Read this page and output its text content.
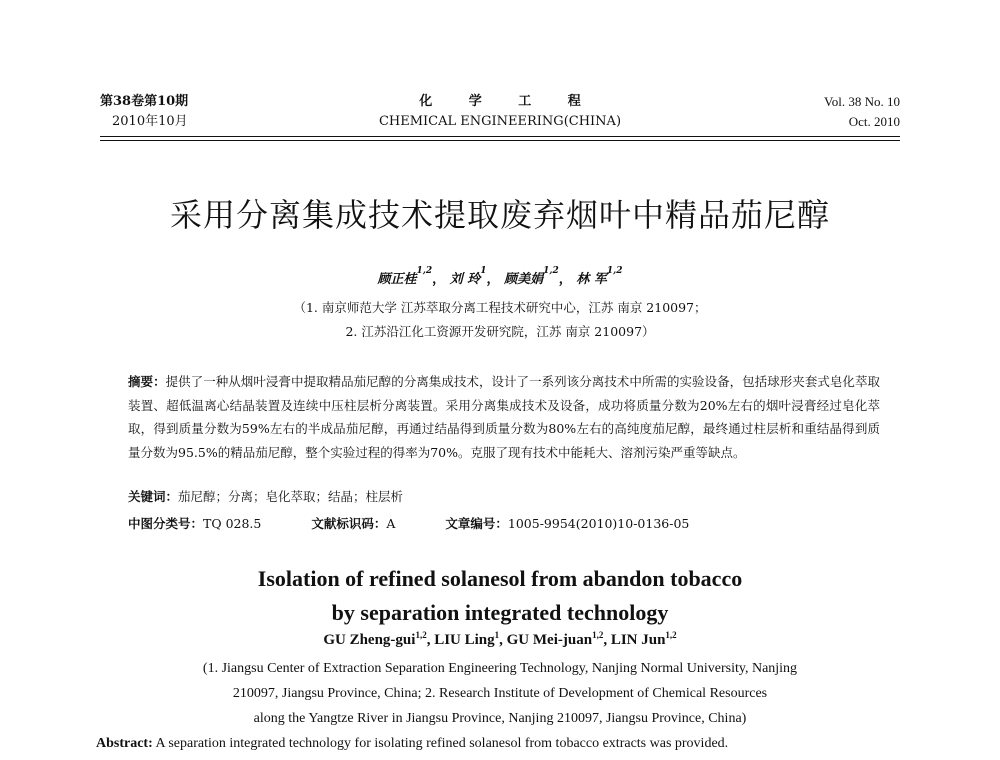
第38卷第10期
2010年10月
化 学 工 程
CHEMICAL ENGINEERING(CHINA)
Vol. 38 No. 10
Oct. 2010
采用分离集成技术提取废弃烟叶中精品茄尼醇
顾正桂$^{1,2}$， 刘 玲$^1$， 顾美娟$^{1,2}$， 林 军$^{1,2}$
（1. 南京师范大学 江苏萃取分离工程技术研究中心，江苏 南京 210097；
2. 江苏沿江化工资源开发研究院，江苏 南京 210097）
摘要：提供了一种从烟叶浸膏中提取精品茄尼醇的分离集成技术，设计了一系列该分离技术中所需的实验设备，包括球形夹套式皂化萃取装置、超低温离心结晶装置及连续中压柱层析分离装置。采用分离集成技术及设备，成功将质量分数为20%左右的烟叶浸膏经过皂化萃取，得到质量分数为59%左右的半成品茄尼醇，再通过结晶得到质量分数为80%左右的高纯度茄尼醇，最终通过柱层析和重结晶得到质量分数为95.5%的精品茄尼醇，整个实验过程的得率为70%。克服了现有技术中能耗大、溶剂污染严重等缺点。
关键词：茄尼醇；分离；皂化萃取；结晶；柱层析
中图分类号：TQ 028.5	文献标识码：A	文章编号：1005-9954(2010)10-0136-05
Isolation of refined solanesol from abandon tobacco
by separation integrated technology
GU Zheng-gui$^{1,2}$, LIU Ling$^1$, GU Mei-juan$^{1,2}$, LIN Jun$^{1,2}$
(1. Jiangsu Center of Extraction Separation Engineering Technology, Nanjing Normal University, Nanjing
210097, Jiangsu Province, China; 2. Research Institute of Development of Chemical Resources
along the Yangtze River in Jiangsu Province, Nanjing 210097, Jiangsu Province, China)
Abstract: A separation integrated technology for isolating refined solanesol from tobacco extracts was provided.
